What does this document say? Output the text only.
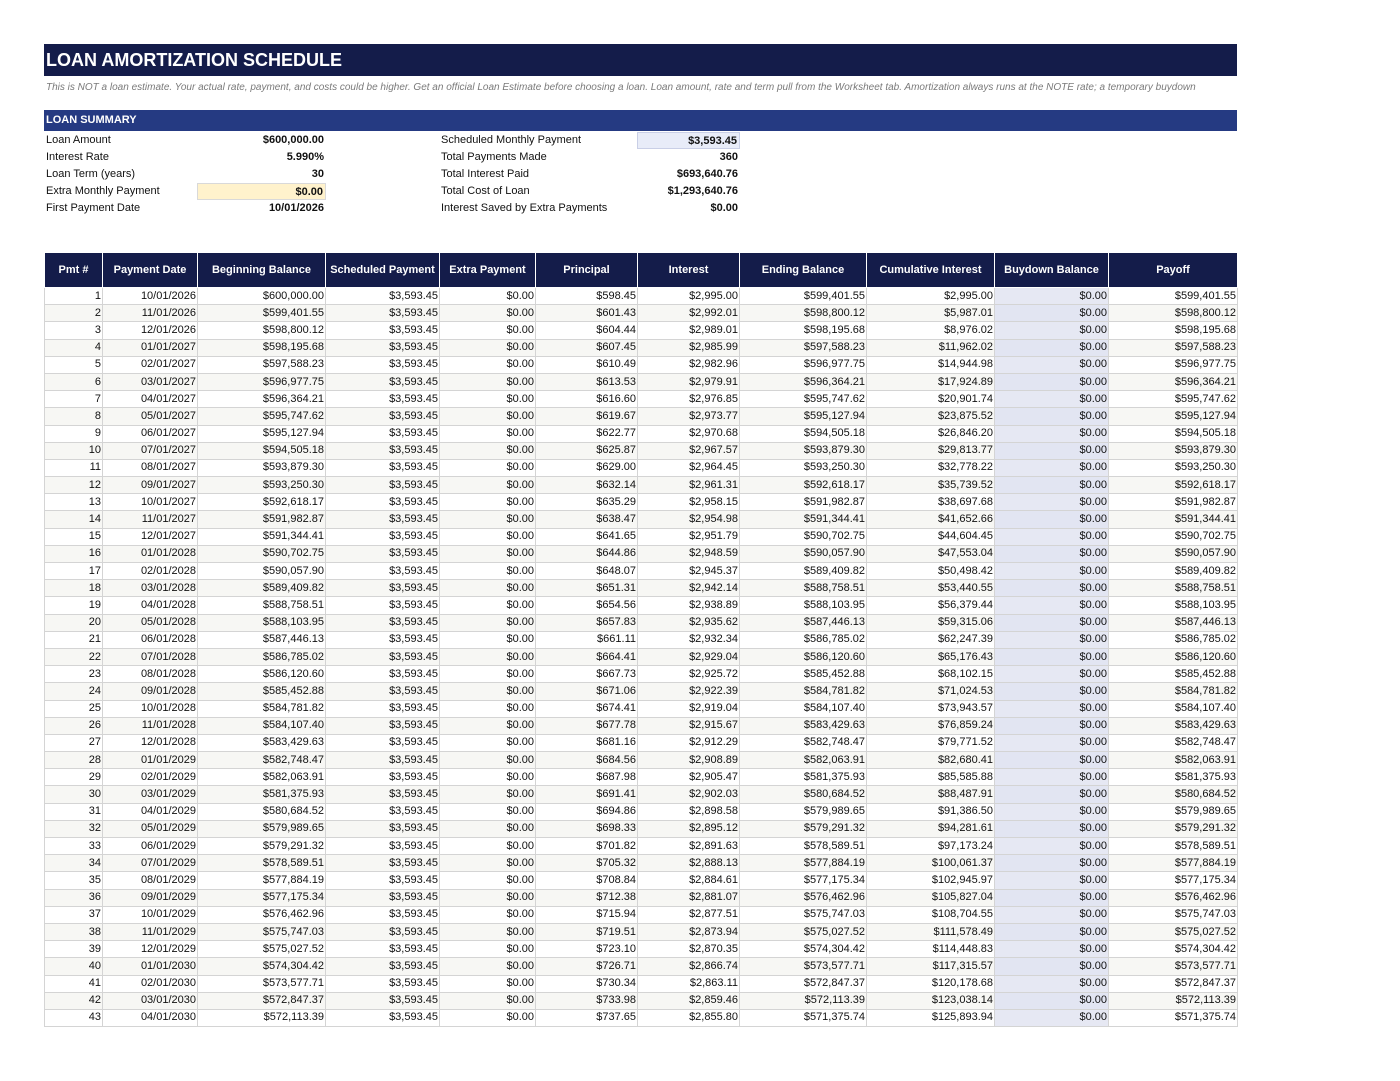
LOAN AMORTIZATION SCHEDULE
This is NOT a loan estimate. Your actual rate, payment, and costs could be higher. Get an official Loan Estimate before choosing a loan. Loan amount, rate and term pull from the Worksheet tab. Amortization always runs at the NOTE rate; a temporary buydown
LOAN SUMMARY
Loan Amount	$600,000.00
Interest Rate	5.990%
Loan Term (years)	30
Extra Monthly Payment	$0.00
First Payment Date	10/01/2026
Scheduled Monthly Payment	$3,593.45
Total Payments Made	360
Total Interest Paid	$693,640.76
Total Cost of Loan	$1,293,640.76
Interest Saved by Extra Payments	$0.00
Pmt #	Payment Date	Beginning Balance	Scheduled Payment	Extra Payment	Principal	Interest	Ending Balance	Cumulative Interest	Buydown Balance	Payoff
1	10/01/2026	$600,000.00	$3,593.45	$0.00	$598.45	$2,995.00	$599,401.55	$2,995.00	$0.00	$599,401.55
2	11/01/2026	$599,401.55	$3,593.45	$0.00	$601.43	$2,992.01	$598,800.12	$5,987.01	$0.00	$598,800.12
3	12/01/2026	$598,800.12	$3,593.45	$0.00	$604.44	$2,989.01	$598,195.68	$8,976.02	$0.00	$598,195.68
4	01/01/2027	$598,195.68	$3,593.45	$0.00	$607.45	$2,985.99	$597,588.23	$11,962.02	$0.00	$597,588.23
5	02/01/2027	$597,588.23	$3,593.45	$0.00	$610.49	$2,982.96	$596,977.75	$14,944.98	$0.00	$596,977.75
6	03/01/2027	$596,977.75	$3,593.45	$0.00	$613.53	$2,979.91	$596,364.21	$17,924.89	$0.00	$596,364.21
7	04/01/2027	$596,364.21	$3,593.45	$0.00	$616.60	$2,976.85	$595,747.62	$20,901.74	$0.00	$595,747.62
8	05/01/2027	$595,747.62	$3,593.45	$0.00	$619.67	$2,973.77	$595,127.94	$23,875.52	$0.00	$595,127.94
9	06/01/2027	$595,127.94	$3,593.45	$0.00	$622.77	$2,970.68	$594,505.18	$26,846.20	$0.00	$594,505.18
10	07/01/2027	$594,505.18	$3,593.45	$0.00	$625.87	$2,967.57	$593,879.30	$29,813.77	$0.00	$593,879.30
11	08/01/2027	$593,879.30	$3,593.45	$0.00	$629.00	$2,964.45	$593,250.30	$32,778.22	$0.00	$593,250.30
12	09/01/2027	$593,250.30	$3,593.45	$0.00	$632.14	$2,961.31	$592,618.17	$35,739.52	$0.00	$592,618.17
13	10/01/2027	$592,618.17	$3,593.45	$0.00	$635.29	$2,958.15	$591,982.87	$38,697.68	$0.00	$591,982.87
14	11/01/2027	$591,982.87	$3,593.45	$0.00	$638.47	$2,954.98	$591,344.41	$41,652.66	$0.00	$591,344.41
15	12/01/2027	$591,344.41	$3,593.45	$0.00	$641.65	$2,951.79	$590,702.75	$44,604.45	$0.00	$590,702.75
16	01/01/2028	$590,702.75	$3,593.45	$0.00	$644.86	$2,948.59	$590,057.90	$47,553.04	$0.00	$590,057.90
17	02/01/2028	$590,057.90	$3,593.45	$0.00	$648.07	$2,945.37	$589,409.82	$50,498.42	$0.00	$589,409.82
18	03/01/2028	$589,409.82	$3,593.45	$0.00	$651.31	$2,942.14	$588,758.51	$53,440.55	$0.00	$588,758.51
19	04/01/2028	$588,758.51	$3,593.45	$0.00	$654.56	$2,938.89	$588,103.95	$56,379.44	$0.00	$588,103.95
20	05/01/2028	$588,103.95	$3,593.45	$0.00	$657.83	$2,935.62	$587,446.13	$59,315.06	$0.00	$587,446.13
21	06/01/2028	$587,446.13	$3,593.45	$0.00	$661.11	$2,932.34	$586,785.02	$62,247.39	$0.00	$586,785.02
22	07/01/2028	$586,785.02	$3,593.45	$0.00	$664.41	$2,929.04	$586,120.60	$65,176.43	$0.00	$586,120.60
23	08/01/2028	$586,120.60	$3,593.45	$0.00	$667.73	$2,925.72	$585,452.88	$68,102.15	$0.00	$585,452.88
24	09/01/2028	$585,452.88	$3,593.45	$0.00	$671.06	$2,922.39	$584,781.82	$71,024.53	$0.00	$584,781.82
25	10/01/2028	$584,781.82	$3,593.45	$0.00	$674.41	$2,919.04	$584,107.40	$73,943.57	$0.00	$584,107.40
26	11/01/2028	$584,107.40	$3,593.45	$0.00	$677.78	$2,915.67	$583,429.63	$76,859.24	$0.00	$583,429.63
27	12/01/2028	$583,429.63	$3,593.45	$0.00	$681.16	$2,912.29	$582,748.47	$79,771.52	$0.00	$582,748.47
28	01/01/2029	$582,748.47	$3,593.45	$0.00	$684.56	$2,908.89	$582,063.91	$82,680.41	$0.00	$582,063.91
29	02/01/2029	$582,063.91	$3,593.45	$0.00	$687.98	$2,905.47	$581,375.93	$85,585.88	$0.00	$581,375.93
30	03/01/2029	$581,375.93	$3,593.45	$0.00	$691.41	$2,902.03	$580,684.52	$88,487.91	$0.00	$580,684.52
31	04/01/2029	$580,684.52	$3,593.45	$0.00	$694.86	$2,898.58	$579,989.65	$91,386.50	$0.00	$579,989.65
32	05/01/2029	$579,989.65	$3,593.45	$0.00	$698.33	$2,895.12	$579,291.32	$94,281.61	$0.00	$579,291.32
33	06/01/2029	$579,291.32	$3,593.45	$0.00	$701.82	$2,891.63	$578,589.51	$97,173.24	$0.00	$578,589.51
34	07/01/2029	$578,589.51	$3,593.45	$0.00	$705.32	$2,888.13	$577,884.19	$100,061.37	$0.00	$577,884.19
35	08/01/2029	$577,884.19	$3,593.45	$0.00	$708.84	$2,884.61	$577,175.34	$102,945.97	$0.00	$577,175.34
36	09/01/2029	$577,175.34	$3,593.45	$0.00	$712.38	$2,881.07	$576,462.96	$105,827.04	$0.00	$576,462.96
37	10/01/2029	$576,462.96	$3,593.45	$0.00	$715.94	$2,877.51	$575,747.03	$108,704.55	$0.00	$575,747.03
38	11/01/2029	$575,747.03	$3,593.45	$0.00	$719.51	$2,873.94	$575,027.52	$111,578.49	$0.00	$575,027.52
39	12/01/2029	$575,027.52	$3,593.45	$0.00	$723.10	$2,870.35	$574,304.42	$114,448.83	$0.00	$574,304.42
40	01/01/2030	$574,304.42	$3,593.45	$0.00	$726.71	$2,866.74	$573,577.71	$117,315.57	$0.00	$573,577.71
41	02/01/2030	$573,577.71	$3,593.45	$0.00	$730.34	$2,863.11	$572,847.37	$120,178.68	$0.00	$572,847.37
42	03/01/2030	$572,847.37	$3,593.45	$0.00	$733.98	$2,859.46	$572,113.39	$123,038.14	$0.00	$572,113.39
43	04/01/2030	$572,113.39	$3,593.45	$0.00	$737.65	$2,855.80	$571,375.74	$125,893.94	$0.00	$571,375.74
